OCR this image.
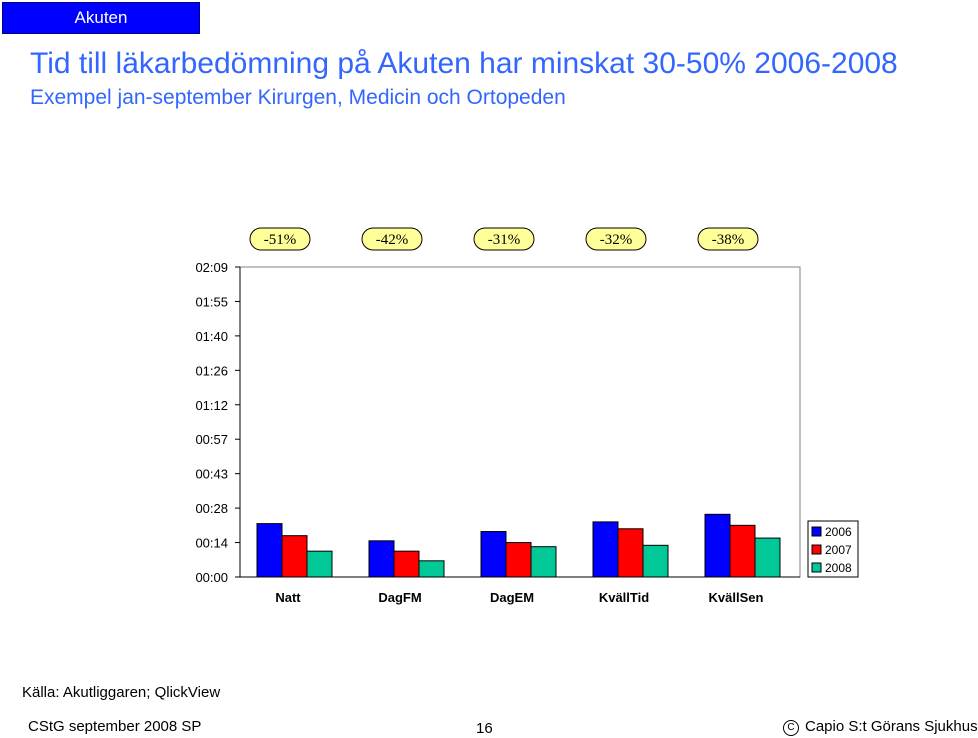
Akuten
Tid till läkarbedömning på Akuten har minskat 30-50% 2006-2008
Exempel jan-september Kirurgen, Medicin och Ortopeden
00:00
00:14
00:28
00:43
00:57
01:12
01:26
01:40
01:55
02:09
Natt
-51%
DagFM
-42%
DagEM
-31%
KvällTid
-32%
KvällSen
-38%
2006
2007
2008
Källa: Akutliggaren; QlickView
CStG september 2008 SP	16	C Capio S:t Görans Sjukhus
